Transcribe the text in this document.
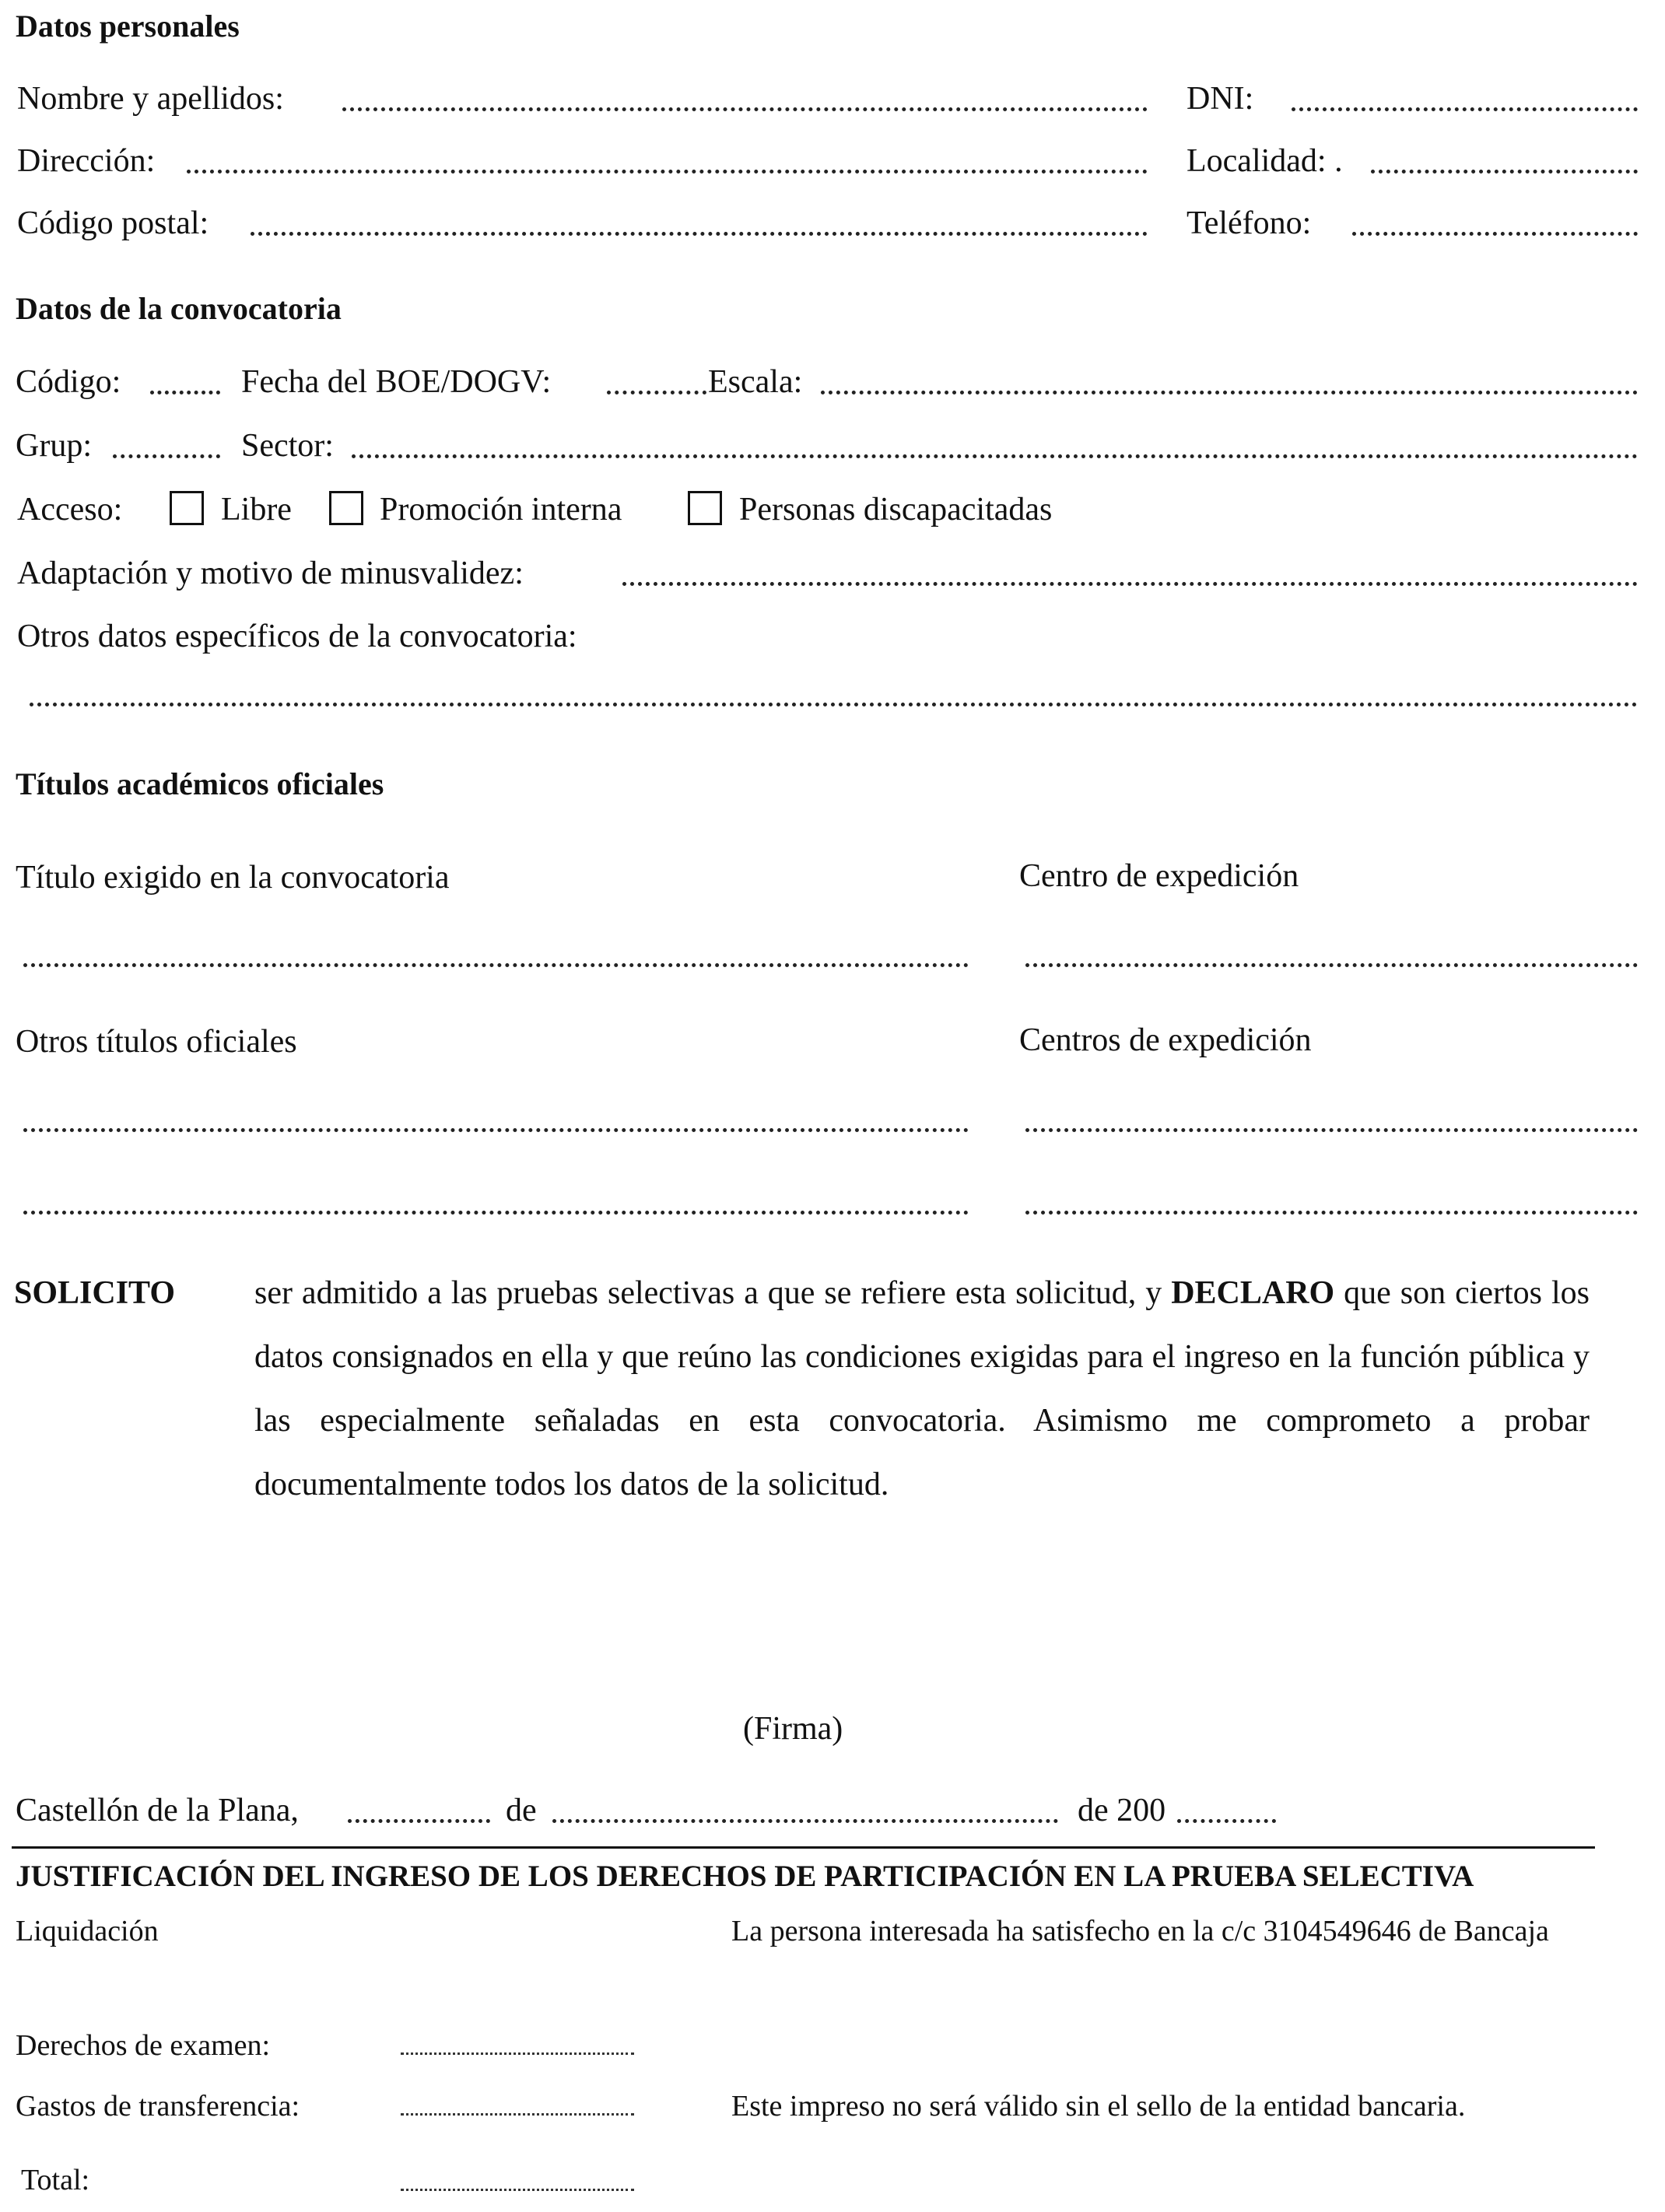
Datos personales
Nombre y apellidos:	DNI:
Dirección:	Localidad: .
Código postal:	Teléfono:
Datos de la convocatoria
Código:	Fecha del BOE/DOGV:	Escala:
Grup:	Sector:
Acceso:	Libre	Promoción interna	Personas discapacitadas
Adaptación y motivo de minusvalidez:
Otros datos específicos de la convocatoria:
Títulos académicos oficiales
Título exigido en la convocatoria	Centro de expedición
Otros títulos oficiales	Centros de expedición
SOLICITO ser admitido a las pruebas selectivas a que se refiere esta solicitud, y DECLARO que son ciertos los datos consignados en ella y que reúno las condiciones exigidas para el ingreso en la función pública y las especialmente señaladas en esta convocatoria. Asimismo me comprometo a probar documentalmente todos los datos de la solicitud.
(Firma)
Castellón de la Plana,	de	de 200
JUSTIFICACIÓN DEL INGRESO DE LOS DERECHOS DE PARTICIPACIÓN EN LA PRUEBA SELECTIVA
Liquidación	La persona interesada ha satisfecho en la c/c 3104549646 de Bancaja
Derechos de examen:
Gastos de transferencia:	Este impreso no será válido sin el sello de la entidad bancaria.
Total:
